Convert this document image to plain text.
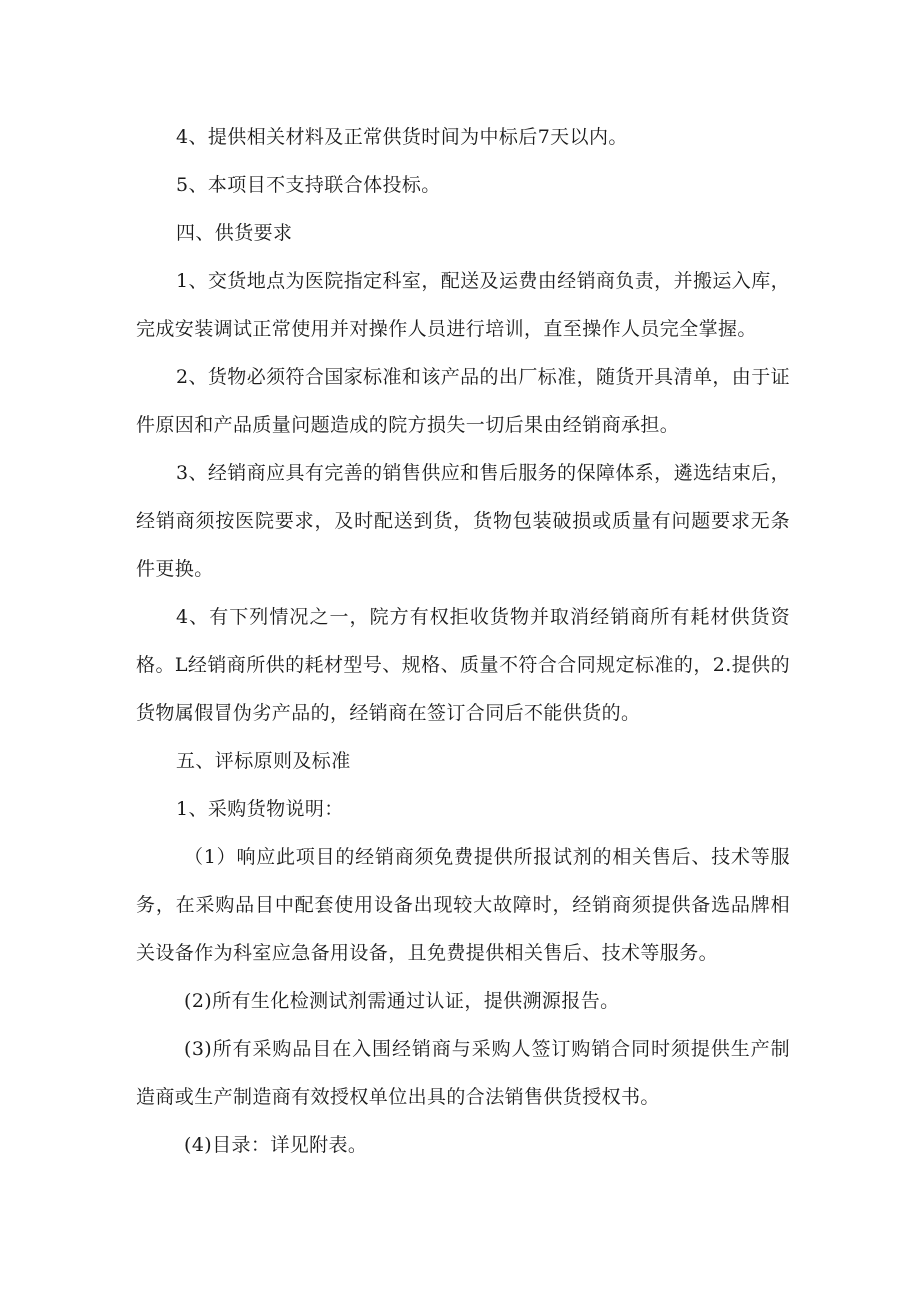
4、提供相关材料及正常供货时间为中标后7天以内。

5、本项目不支持联合体投标。

四、供货要求

1、交货地点为医院指定科室，配送及运费由经销商负责，并搬运入库，完成安装调试正常使用并对操作人员进行培训，直至操作人员完全掌握。

2、货物必须符合国家标准和该产品的出厂标准，随货开具清单，由于证件原因和产品质量问题造成的院方损失一切后果由经销商承担。

3、经销商应具有完善的销售供应和售后服务的保障体系，遴选结束后，经销商须按医院要求，及时配送到货，货物包装破损或质量有问题要求无条件更换。

4、有下列情况之一，院方有权拒收货物并取消经销商所有耗材供货资格。L经销商所供的耗材型号、规格、质量不符合合同规定标准的，2.提供的货物属假冒伪劣产品的，经销商在签订合同后不能供货的。

五、评标原则及标准

1、采购货物说明：

（1）响应此项目的经销商须免费提供所报试剂的相关售后、技术等服务，在采购品目中配套使用设备出现较大故障时，经销商须提供备选品牌相关设备作为科室应急备用设备，且免费提供相关售后、技术等服务。

(2)所有生化检测试剂需通过认证，提供溯源报告。

(3)所有采购品目在入围经销商与采购人签订购销合同时须提供生产制造商或生产制造商有效授权单位出具的合法销售供货授权书。

(4)目录：详见附表。
